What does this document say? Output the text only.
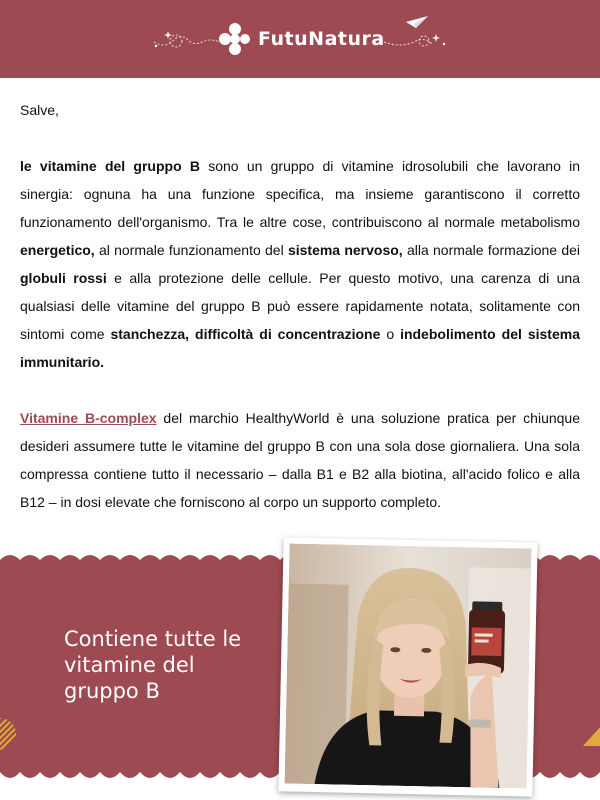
FutuNatura

Salve,

le vitamine del gruppo B sono un gruppo di vitamine idrosolubili che lavorano in sinergia: ognuna ha una funzione specifica, ma insieme garantiscono il corretto funzionamento dell'organismo. Tra le altre cose, contribuiscono al normale metabolismo energetico, al normale funzionamento del sistema nervoso, alla normale formazione dei globuli rossi e alla protezione delle cellule. Per questo motivo, una carenza di una qualsiasi delle vitamine del gruppo B può essere rapidamente notata, solitamente con sintomi come stanchezza, difficoltà di concentrazione o indebolimento del sistema immunitario.

Vitamine B-complex del marchio HealthyWorld è una soluzione pratica per chiunque desideri assumere tutte le vitamine del gruppo B con una sola dose giornaliera. Una sola compressa contiene tutto il necessario – dalla B1 e B2 alla biotina, all'acido folico e alla B12 – in dosi elevate che forniscono al corpo un supporto completo.

Contiene tutte le vitamine del gruppo B
